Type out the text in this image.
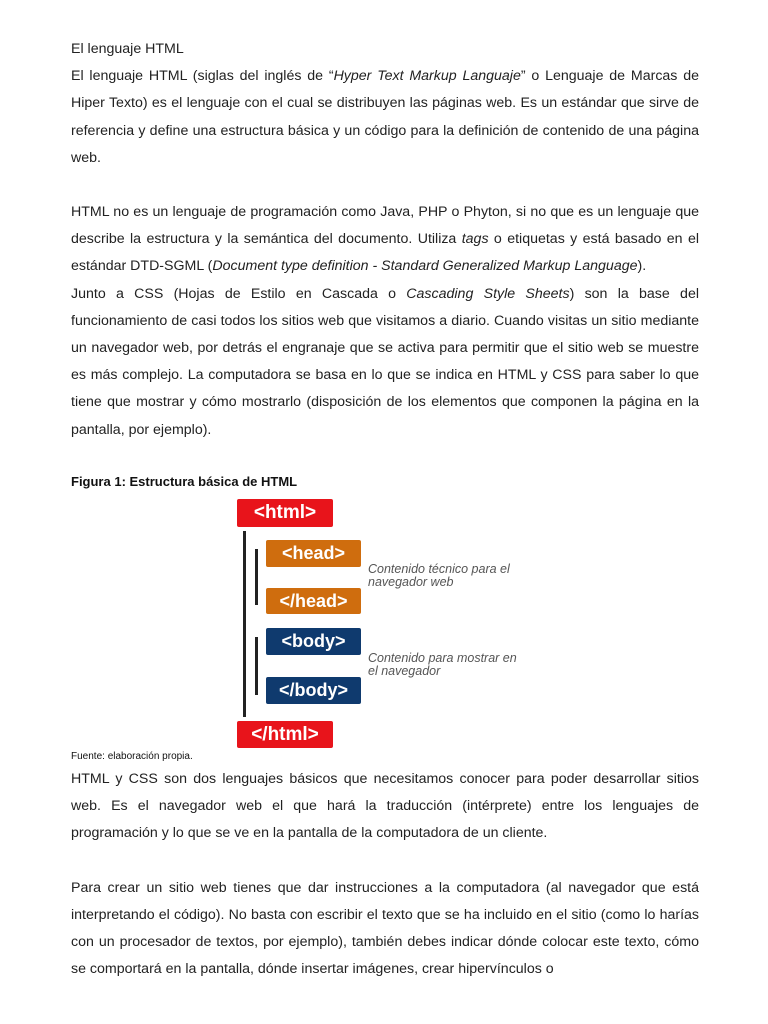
El lenguaje HTML

El lenguaje HTML (siglas del inglés de “Hyper Text Markup Languaje” o Lenguaje de Marcas de Hiper Texto) es el lenguaje con el cual se distribuyen las páginas web. Es un estándar que sirve de referencia y define una estructura básica y un código para la definición de contenido de una página web.

HTML no es un lenguaje de programación como Java, PHP o Phyton, si no que es un lenguaje que describe la estructura y la semántica del documento. Utiliza tags o etiquetas y está basado en el estándar DTD-SGML (Document type definition - Standard Generalized Markup Language).

Junto a CSS (Hojas de Estilo en Cascada o Cascading Style Sheets) son la base del funcionamiento de casi todos los sitios web que visitamos a diario. Cuando visitas un sitio mediante un navegador web, por detrás el engranaje que se activa para permitir que el sitio web se muestre es más complejo. La computadora se basa en lo que se indica en HTML y CSS para saber lo que tiene que mostrar y cómo mostrarlo (disposición de los elementos que componen la página en la pantalla, por ejemplo).

Figura 1: Estructura básica de HTML
<html>
<head>
</head>
Contenido técnico para el
navegador web
<body>
</body>
Contenido para mostrar en
el navegador
</html>
Fuente: elaboración propia.

HTML y CSS son dos lenguajes básicos que necesitamos conocer para poder desarrollar sitios web. Es el navegador web el que hará la traducción (intérprete) entre los lenguajes de programación y lo que se ve en la pantalla de la computadora de un cliente.

Para crear un sitio web tienes que dar instrucciones a la computadora (al navegador que está interpretando el código). No basta con escribir el texto que se ha incluido en el sitio (como lo harías con un procesador de textos, por ejemplo), también debes indicar dónde colocar este texto, cómo se comportará en la pantalla, dónde insertar imágenes, crear hipervínculos o
